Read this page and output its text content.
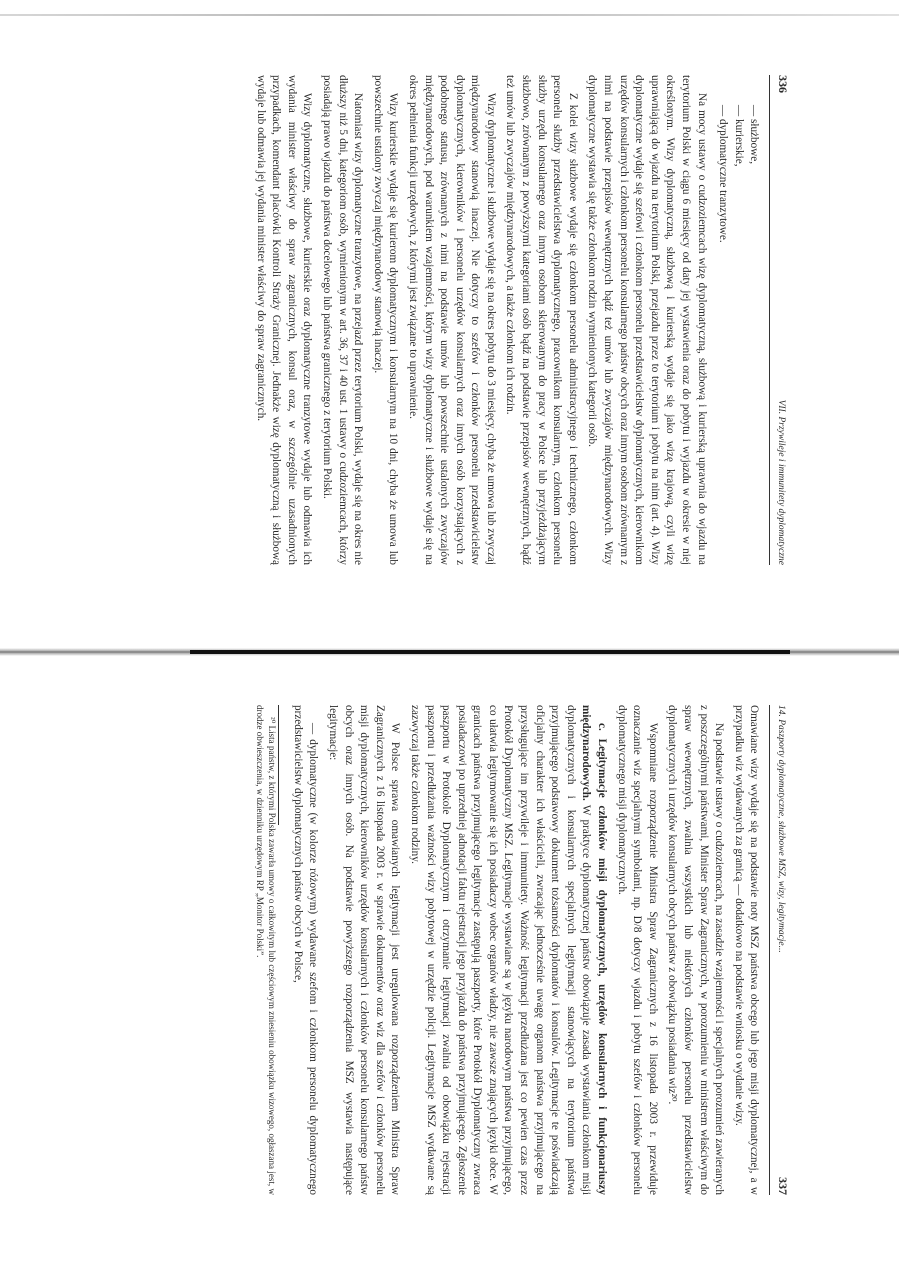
336
VII. Przywileje i immunitety dyplomatyczne
— służbowe,
— kurierskie,
— dyplomatyczne tranzytowe.

Na mocy ustawy o cudzoziemcach wizę dyplomatyczną, służbową i kurierską uprawnia do wjazdu na terytorium Polski w ciągu 6 miesięcy od daty jej wystawienia oraz do pobytu i wyjazdu w okresie w niej określonym. Wizy dyplomatyczną, służbową i kurierską wydaje się jako wizę krajową, czyli wizę uprawniającą do wjazdu na terytorium Polski, przejazdu przez to terytorium i pobytu na nim (art. 4). Wizy dyplomatyczne wydaje się szefowi i członkom personelu przedstawicielstw dyplomatycznych, kierownikom urzędów konsularnych i członkom personelu konsularnego państw obcych oraz innym osobom zrównanym z nimi na podstawie przepisów wewnętrznych bądź też umów lub zwyczajów międzynarodowych. Wizy dyplomatyczne wystawia się także członkom rodzin wymienionych kategorii osób.

Z kolei wizy służbowe wydaje się członkom personelu administracyjnego i technicznego, członkom personelu służby przedstawicielstwa dyplomatycznego, pracownikom konsularnym, członkom personelu służby urzędu konsularnego oraz innym osobom skierowanym do pracy w Polsce lub przyjeżdżającym służbowo, zrównanym z powyższymi kategoriami osób bądź na podstawie przepisów wewnętrznych, bądź też umów lub zwyczajów międzynarodowych, a także członkom ich rodzin.

Wizy dyplomatyczne i służbowe wydaje się na okres pobytu do 3 miesięcy, chyba że umowa lub zwyczaj międzynarodowy stanowią inaczej. Nie dotyczy to szefów i członków personelu przedstawicielstw dyplomatycznych, kierowników i personelu urzędów konsularnych oraz innych osób korzystających z podobnego statusu, zrównanych z nimi na podstawie umów lub powszechnie ustalonych zwyczajów międzynarodowych, pod warunkiem wzajemności, którym wizy dyplomatyczne i służbowe wydaje się na okres pełnienia funkcji urzędowych, z którymi jest związane to uprawnienie.

Wizy kurierskie wydaje się kurierom dyplomatycznym i konsularnym na 10 dni, chyba że umowa lub powszechnie ustalony zwyczaj międzynarodowy stanowią inaczej.

Natomiast wizy dyplomatyczne tranzytowe, na przejazd przez terytorium Polski, wydaje się na okres nie dłuższy niż 5 dni, kategoriom osób, wymienionym w art. 36, 37 i 40 ust. 1 ustawy o cudzoziemcach, którzy posiadają prawo wjazdu do państwa docelowego lub państwa granicznego z terytorium Polski.

Wizy dyplomatyczne, służbowe, kurierskie oraz dyplomatyczne tranzytowe wydaje lub odmawia ich wydania minister właściwy do spraw zagranicznych, konsul oraz, w szczególnie uzasadnionych przypadkach, komendant placówki Kontroli Straży Granicznej. Jednakże wizę dyplomatyczną i służbową wydaje lub odmawia jej wydania minister właściwy do spraw zagranicznych.

14. Paszporty dyplomatyczne, służbowe MSZ, wizy, legitymacje...
337

Omawiane wizy wydaje się na podstawie noty MSZ państwa obcego lub jego misji dyplomatycznej, a w przypadku wiz wydawanych za granicą — dodatkowo na podstawie wniosku o wydanie wizy.

Na podstawie ustawy o cudzoziemcach, na zasadzie wzajemności i specjalnych porozumień zawieranych z poszczególnymi państwami, Minister Spraw Zagranicznych, w porozumieniu w ministrem właściwym do spraw wewnętrznych, zwalnia wszystkich lub niektórych członków personelu przedstawicielstw dyplomatycznych i urzędów konsularnych obcych państw z obowiązku posiadania wiz²⁰.

Wspomniane rozporządzenie Ministra Spraw Zagranicznych z 16 listopada 2003 r. przewiduje oznaczanie wiz specjalnymi symbolami, np. D/8 dotyczy wjazdu i pobytu szefów i członków personelu dyplomatycznego misji dyplomatycznych.

c. Legitymacje członków misji dyplomatycznych, urzędów konsularnych i funkcjonariuszy międzynarodowych. W praktyce dyplomatycznej państw obowiązuje zasada wystawiania członkom misji dyplomatycznych i konsularnych specjalnych legitymacji stanowiących na terytorium państwa przyjmującego podstawowy dokument tożsamości dyplomatów i konsulów. Legitymacje te poświadczają oficjalny charakter ich właścicieli, zwracając jednocześnie uwagę organom państwa przyjmującego na przysługujące im przywileje i immunitety. Ważność legitymacji przedłużana jest co pewien czas przez Protokół Dyplomatyczny MSZ. Legitymacje wystawiane są w języku narodowym państwa przyjmującego, co ułatwia legitymowanie się ich posiadaczy wobec organów władzy, nie zawsze znających języki obce. W granicach państwa przyjmującego legitymacje zastępują paszporty, które Protokół Dyplomatyczny zwraca posiadaczowi po uprzedniej adnotacji faktu rejestracji jego przyjazdu do państwa przyjmującego. Zgłoszenie paszportu w Protokole Dyplomatycznym i otrzymanie legitymacji zwalnia od obowiązku rejestracji paszportu i przedłużania ważności wizy pobytowej w urzędzie policji. Legitymacje MSZ wydawane są zazwyczaj także członkom rodziny.

W Polsce sprawa omawianych legitymacji jest uregulowana rozporządzeniem Ministra Spraw Zagranicznych z 16 listopada 2003 r. w sprawie dokumentów oraz wiz dla szefów i członków personelu misji dyplomatycznych, kierowników urzędów konsularnych i członków personelu konsularnego państw obcych oraz innych osób. Na podstawie powyższego rozporządzenia MSZ wystawia następujące legitymacje:

— dyplomatyczne (w kolorze różowym) wydawane szefom i członkom personelu dyplomatycznego przedstawicielstw dyplomatycznych państw obcych w Polsce,

²⁰ Lista państw, z którymi Polska zawarła umowy o całkowitym lub częściowym zniesieniu obowiązku wizowego, ogłaszana jest, w drodze obwieszczenia, w dzienniku urzędowym RP „Monitor Polski”.
